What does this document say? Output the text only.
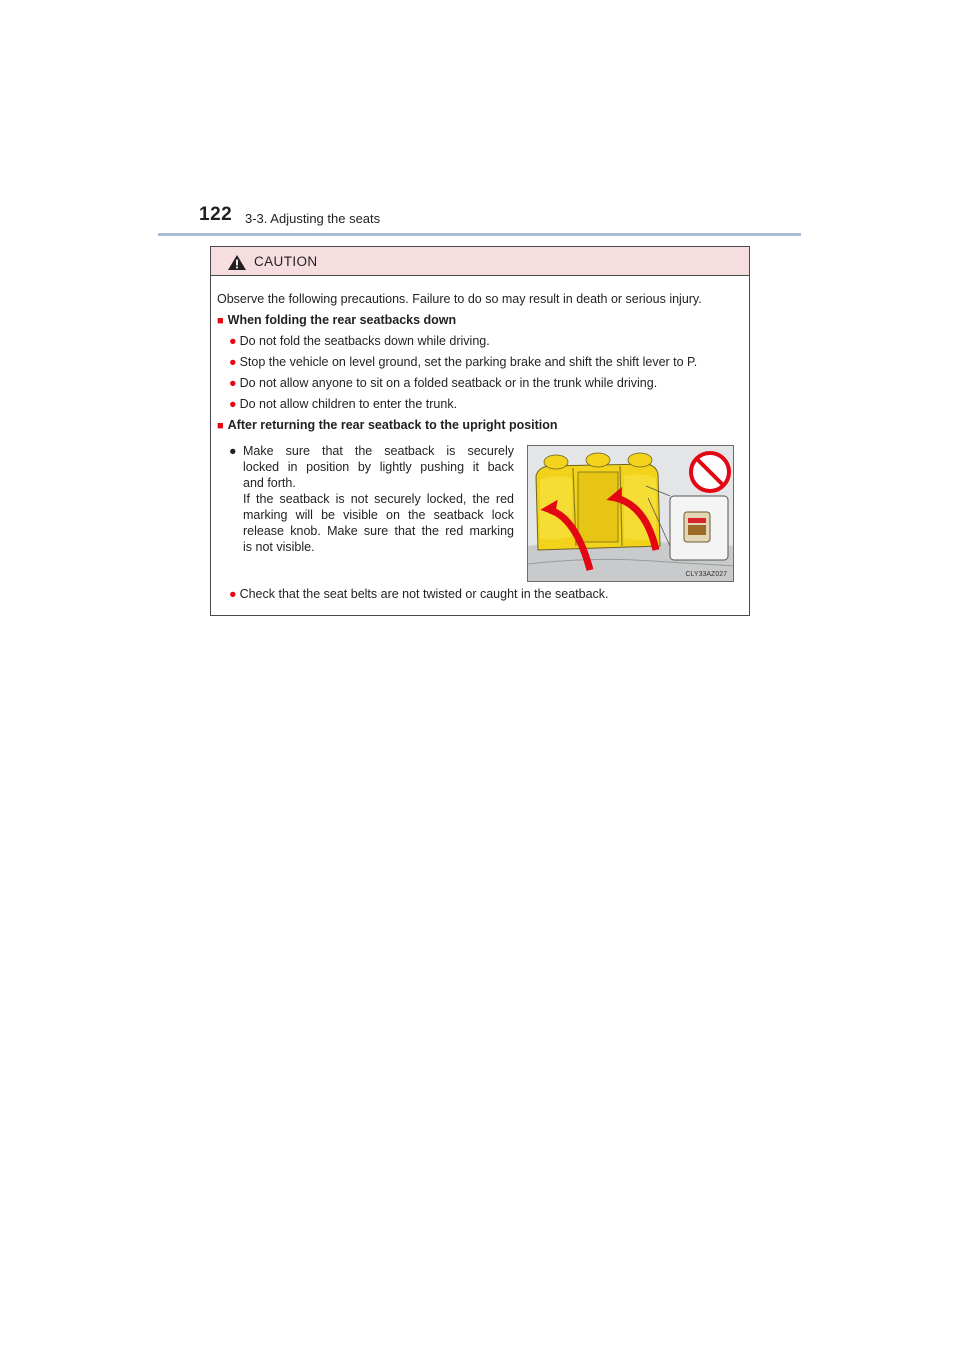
122 3-3. Adjusting the seats
CAUTION
Observe the following precautions. Failure to do so may result in death or serious injury.
■ When folding the rear seatbacks down
● Do not fold the seatbacks down while driving.
● Stop the vehicle on level ground, set the parking brake and shift the shift lever to P.
● Do not allow anyone to sit on a folded seatback or in the trunk while driving.
● Do not allow children to enter the trunk.
■ After returning the rear seatback to the upright position
● Make sure that the seatback is securely
locked in position by lightly pushing it back
and forth.
If the seatback is not securely locked, the red
marking will be visible on the seatback lock
release knob. Make sure that the red marking
is not visible.
CLY33AZ027
● Check that the seat belts are not twisted or caught in the seatback.
